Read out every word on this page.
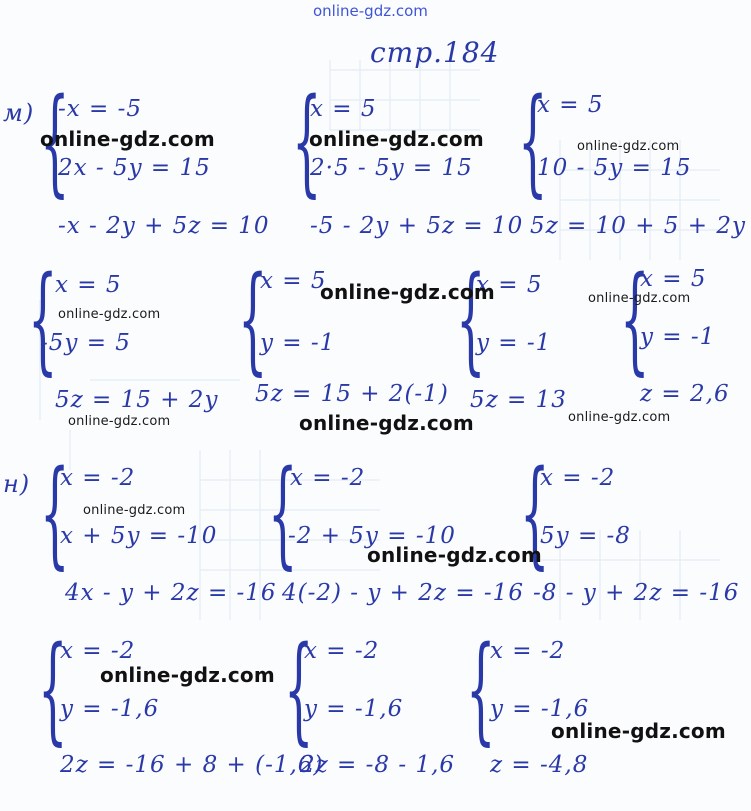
online-gdz.com
стр.184
м) {
-x = -5
2x - 5y = 15
-x - 2y + 5z = 10
{
x = 5
2·5 - 5y = 15
-5 - 2y + 5z = 10
{
x = 5
10 - 5y = 15
5z = 10 + 5 + 2y
{
x = 5
-5y = 5
5z = 15 + 2y
{
x = 5
y = -1
5z = 15 + 2(-1)
{
x = 5
y = -1
5z = 13
{
x = 5
y = -1
z = 2,6
н) {
x = -2
x + 5y = -10
4x - y + 2z = -16
{
x = -2
-2 + 5y = -10
4(-2) - y + 2z = -16
{
x = -2
5y = -8
-8 - y + 2z = -16
{
x = -2
y = -1,6
2z = -16 + 8 + (-1,6)
{
x = -2
y = -1,6
2z = -8 - 1,6
{
x = -2
y = -1,6
z = -4,8
online-gdz.com	online-gdz.com	online-gdz.com
online-gdz.com	online-gdz.com
online-gdz.com
online-gdz.com	online-gdz.com	online-gdz.com
online-gdz.com
online-gdz.com
online-gdz.com
online-gdz.com
